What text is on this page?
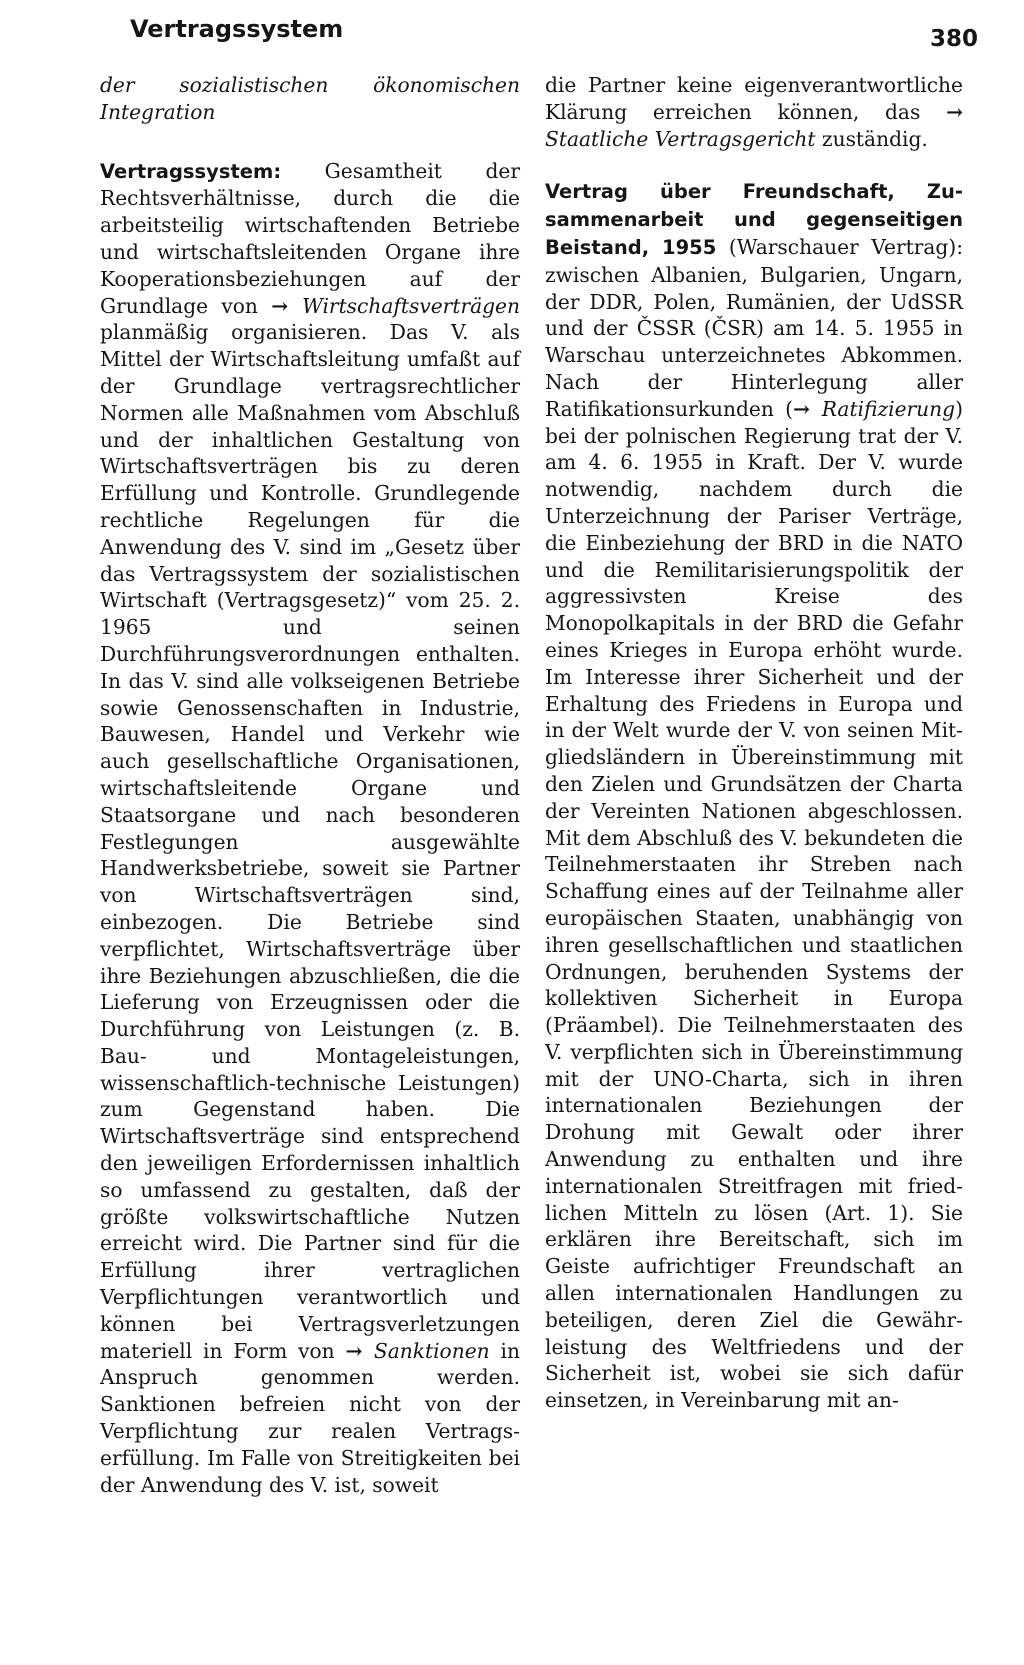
Vertragssystem	380

der sozialistischen ökonomischen Integration

Vertragssystem: Gesamtheit der Rechtsverhältnisse, durch die die arbeitsteilig wirtschaftenden Betriebe und wirtschaftsleitenden Organe ihre Kooperationsbeziehungen auf der Grundlage von → Wirtschaftsverträgen planmäßig organisieren. Das V. als Mittel der Wirtschaftsleitung umfaßt auf der Grundlage vertragsrechtlicher Normen alle Maßnahmen vom Abschluß und der inhaltlichen Gestaltung von Wirtschaftsverträgen bis zu deren Erfüllung und Kontrolle. Grundlegende rechtliche Regelungen für die Anwendung des V. sind im „Gesetz über das Vertragssystem der sozialistischen Wirtschaft (Vertragsgesetz)“ vom 25. 2. 1965 und seinen Durchführungsverordnungen enthalten. In das V. sind alle volkseigenen Betriebe sowie Genossenschaften in Industrie, Bauwesen, Handel und Verkehr wie auch gesellschaftliche Organisationen, wirtschaftsleitende Organe und Staatsorgane und nach besonderen Festlegungen ausgewählte Handwerksbetriebe, soweit sie Partner von Wirtschaftsverträgen sind, einbezogen. Die Betriebe sind verpflichtet, Wirtschaftsverträge über ihre Beziehungen abzuschließen, die die Lieferung von Erzeugnissen oder die Durchführung von Leistungen (z. B. Bau- und Montageleistungen, wissenschaftlich-technische Leistungen) zum Gegenstand haben. Die Wirtschaftsverträge sind entsprechend den jeweiligen Erfordernissen inhaltlich so umfassend zu gestalten, daß der größte volkswirtschaftliche Nutzen erreicht wird. Die Partner sind für die Erfüllung ihrer vertraglichen Verpflichtungen verantwortlich und können bei Vertragsverletzungen materiell in Form von → Sanktionen in Anspruch genommen werden. Sanktionen befreien nicht von der Verpflichtung zur realen Vertragserfüllung. Im Falle von Streitigkeiten bei der Anwendung des V. ist, soweit

die Partner keine eigenverantwortliche Klärung erreichen können, das → Staatliche Vertragsgericht zuständig.

Vertrag über Freundschaft, Zusammenarbeit und gegenseitigen Beistand, 1955 (Warschauer Vertrag): zwischen Albanien, Bulgarien, Ungarn, der DDR, Polen, Rumänien, der UdSSR und der ČSSR (ČSR) am 14. 5. 1955 in Warschau unterzeichnetes Abkommen. Nach der Hinterlegung aller Ratifikationsurkunden (→ Ratifizierung) bei der polnischen Regierung trat der V. am 4. 6. 1955 in Kraft. Der V. wurde notwendig, nachdem durch die Unterzeichnung der Pariser Verträge, die Einbeziehung der BRD in die NATO und die Remilitarisierungspolitik der aggressivsten Kreise des Monopolkapitals in der BRD die Gefahr eines Krieges in Europa erhöht wurde. Im Interesse ihrer Sicherheit und der Erhaltung des Friedens in Europa und in der Welt wurde der V. von seinen Mitgliedsländern in Übereinstimmung mit den Zielen und Grundsätzen der Charta der Vereinten Nationen abgeschlossen. Mit dem Abschluß des V. bekundeten die Teilnehmerstaaten ihr Streben nach Schaffung eines auf der Teilnahme aller europäischen Staaten, unabhängig von ihren gesellschaftlichen und staatlichen Ordnungen, beruhenden Systems der kollektiven Sicherheit in Europa (Präambel). Die Teilnehmerstaaten des V. verpflichten sich in Übereinstimmung mit der UNO-Charta, sich in ihren internationalen Beziehungen der Drohung mit Gewalt oder ihrer Anwendung zu enthalten und ihre internationalen Streitfragen mit friedlichen Mitteln zu lösen (Art. 1). Sie erklären ihre Bereitschaft, sich im Geiste aufrichtiger Freundschaft an allen internationalen Handlungen zu beteiligen, deren Ziel die Gewährleistung des Weltfriedens und der Sicherheit ist, wobei sie sich dafür einsetzen, in Vereinbarung mit an-
